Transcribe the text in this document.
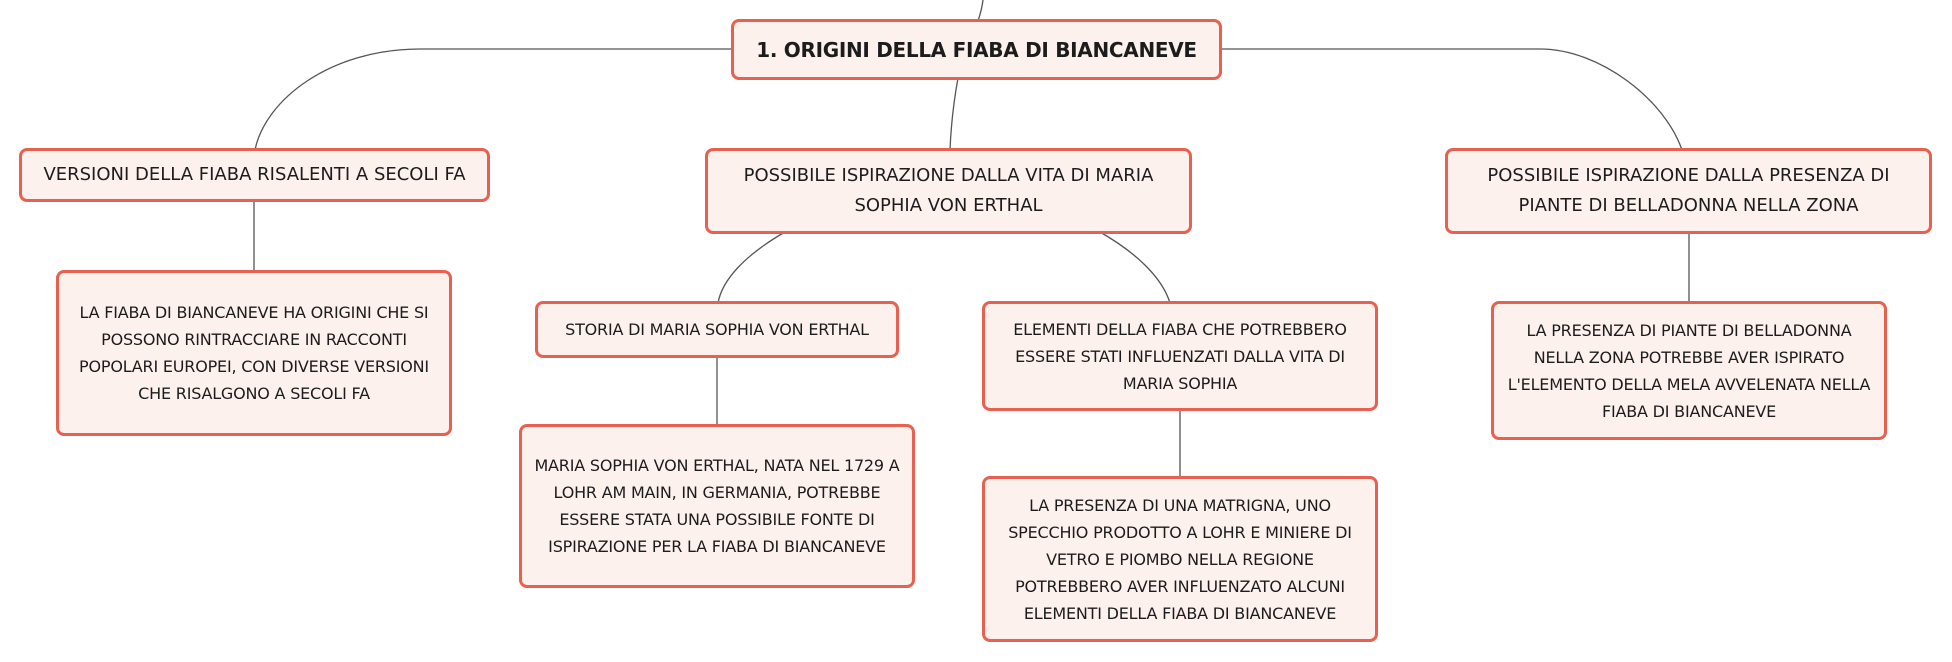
1. ORIGINI DELLA FIABA DI BIANCANEVE
VERSIONI DELLA FIABA RISALENTI A SECOLI FA	POSSIBILE ISPIRAZIONE DALLA VITA DI MARIA SOPHIA VON ERTHAL
POSSIBILE ISPIRAZIONE DALLA PRESENZA DI PIANTE DI BELLADONNA NELLA ZONA
LA FIABA DI BIANCANEVE HA ORIGINI CHE SI POSSONO RINTRACCIARE IN RACCONTI POPOLARI EUROPEI, CON DIVERSE VERSIONI CHE RISALGONO A SECOLI FA
STORIA DI MARIA SOPHIA VON ERTHAL	ELEMENTI DELLA FIABA CHE POTREBBERO ESSERE STATI INFLUENZATI DALLA VITA DI MARIA SOPHIA
MARIA SOPHIA VON ERTHAL, NATA NEL 1729 A LOHR AM MAIN, IN GERMANIA, POTREBBE ESSERE STATA UNA POSSIBILE FONTE DI ISPIRAZIONE PER LA FIABA DI BIANCANEVE
LA PRESENZA DI UNA MATRIGNA, UNO SPECCHIO PRODOTTO A LOHR E MINIERE DI VETRO E PIOMBO NELLA REGIONE POTREBBERO AVER INFLUENZATO ALCUNI ELEMENTI DELLA FIABA DI BIANCANEVE
LA PRESENZA DI PIANTE DI BELLADONNA NELLA ZONA POTREBBE AVER ISPIRATO L'ELEMENTO DELLA MELA AVVELENATA NELLA FIABA DI BIANCANEVE
